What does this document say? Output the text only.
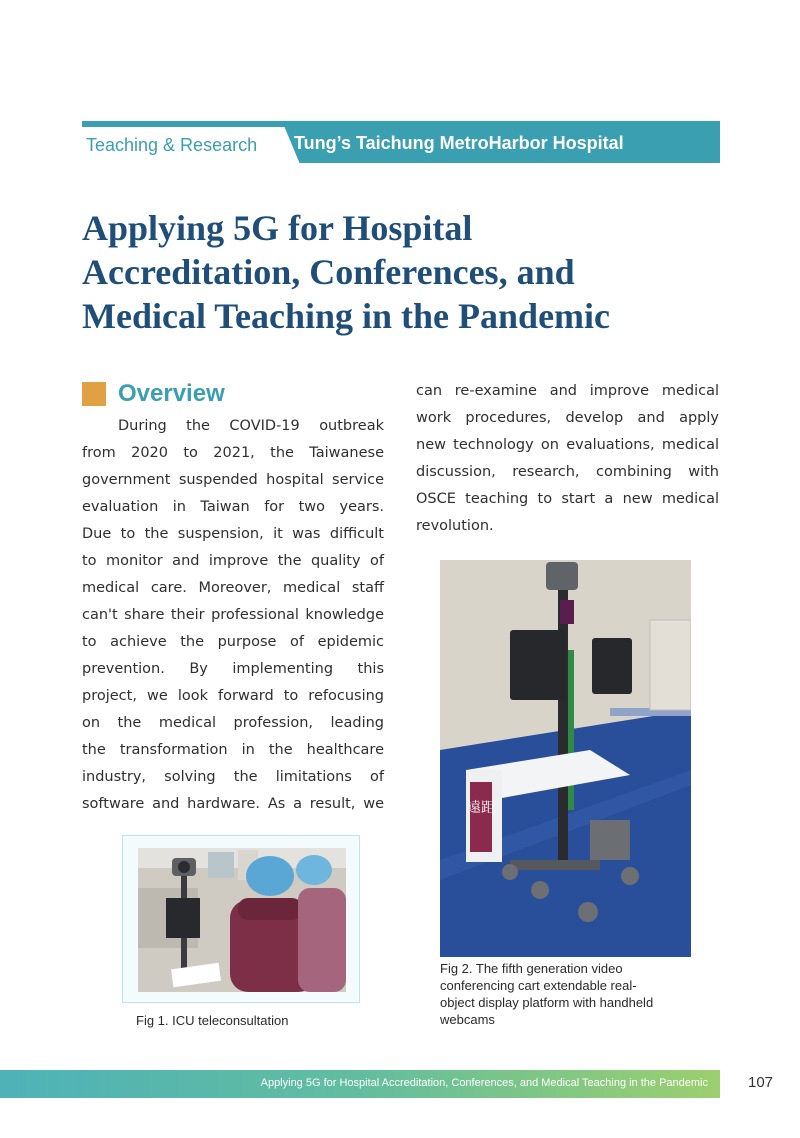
Teaching & Research Tung’s Taichung MetroHarbor Hospital
Applying 5G for Hospital
Accreditation, Conferences, and
Medical Teaching in the Pandemic
Overview
During the COVID-19 outbreak
from 2020 to 2021, the Taiwanese
government suspended hospital service
evaluation in Taiwan for two years.
Due to the suspension, it was difficult
to monitor and improve the quality of
medical care. Moreover, medical staff
can't share their professional knowledge
to achieve the purpose of epidemic
prevention. By implementing this
project, we look forward to refocusing
on the medical profession, leading
the transformation in the healthcare
industry, solving the limitations of
software and hardware. As a result, we
can re-examine and improve medical
work procedures, develop and apply
new technology on evaluations, medical
discussion, research, combining with
OSCE teaching to start a new medical
revolution.
Fig 1. ICU teleconsultation
遠距
Fig 2. The fifth generation video
conferencing cart extendable real-
object display platform with handheld
webcams
Applying 5G for Hospital Accreditation, Conferences, and Medical Teaching in the Pandemic	107
